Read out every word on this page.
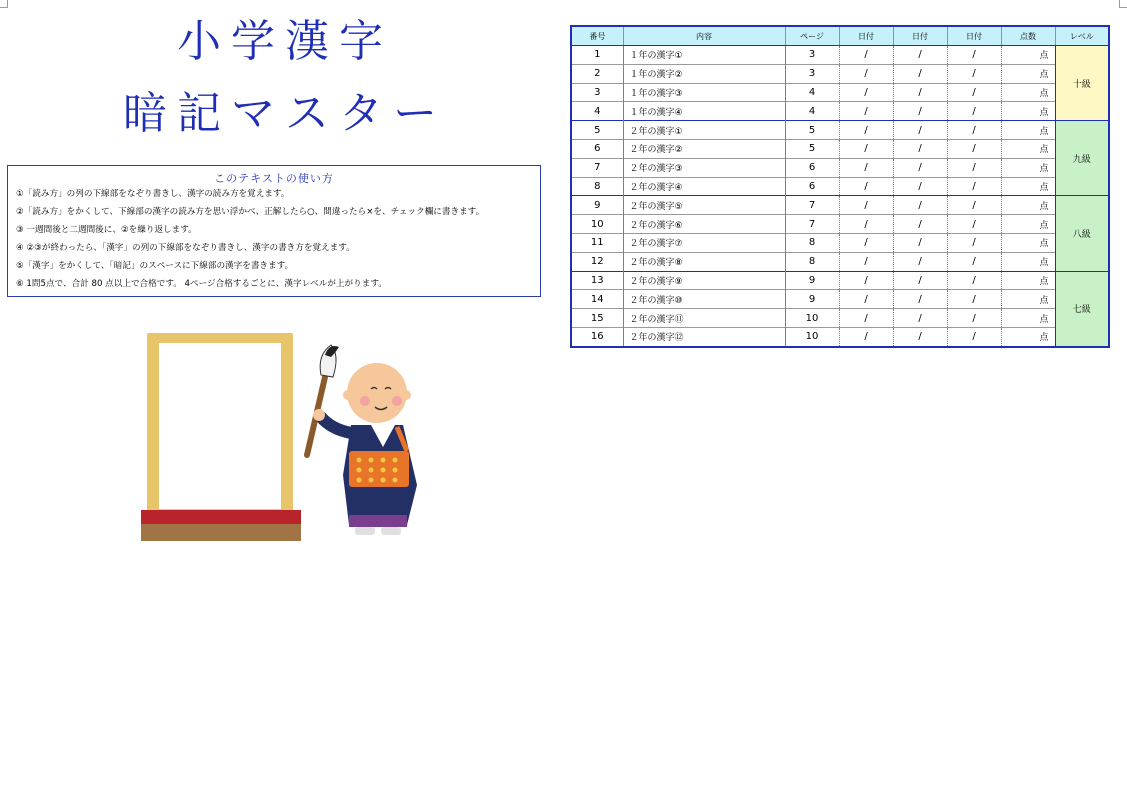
小学漢字
暗記マスター
このテキストの使い方
①「読み方」の列の下線部をなぞり書きし、漢字の読み方を覚えます。
②「読み方」をかくして、下線部の漢字の読み方を思い浮かべ、正解したら○、間違ったら×を、チェック欄に書きます。
③ 一週間後と二週間後に、②を繰り返します。
④ ②③が終わったら、「漢字」の列の下線部をなぞり書きし、漢字の書き方を覚えます。
⑤「漢字」をかくして、「暗記」のスペースに下線部の漢字を書きます。
⑥ 1問5点で、合計 80 点以上で合格です。 4ページ合格するごとに、漢字レベルが上がります。
番号	内容	ページ	日付	日付	日付	点数	レベル
1	１年の漢字①	3	/	/	/	点	十級
2	１年の漢字②	3	/	/	/	点	
3	１年の漢字③	4	/	/	/	点	
4	１年の漢字④	4	/	/	/	点	
5	２年の漢字①	5	/	/	/	点	九級
6	２年の漢字②	5	/	/	/	点	
7	２年の漢字③	6	/	/	/	点	
8	２年の漢字④	6	/	/	/	点	
9	２年の漢字⑤	7	/	/	/	点	八級
10	２年の漢字⑥	7	/	/	/	点	
11	２年の漢字⑦	8	/	/	/	点	
12	２年の漢字⑧	8	/	/	/	点	
13	２年の漢字⑨	9	/	/	/	点	七級
14	２年の漢字⑩	9	/	/	/	点	
15	２年の漢字⑪	10	/	/	/	点	
16	２年の漢字⑫	10	/	/	/	点	
